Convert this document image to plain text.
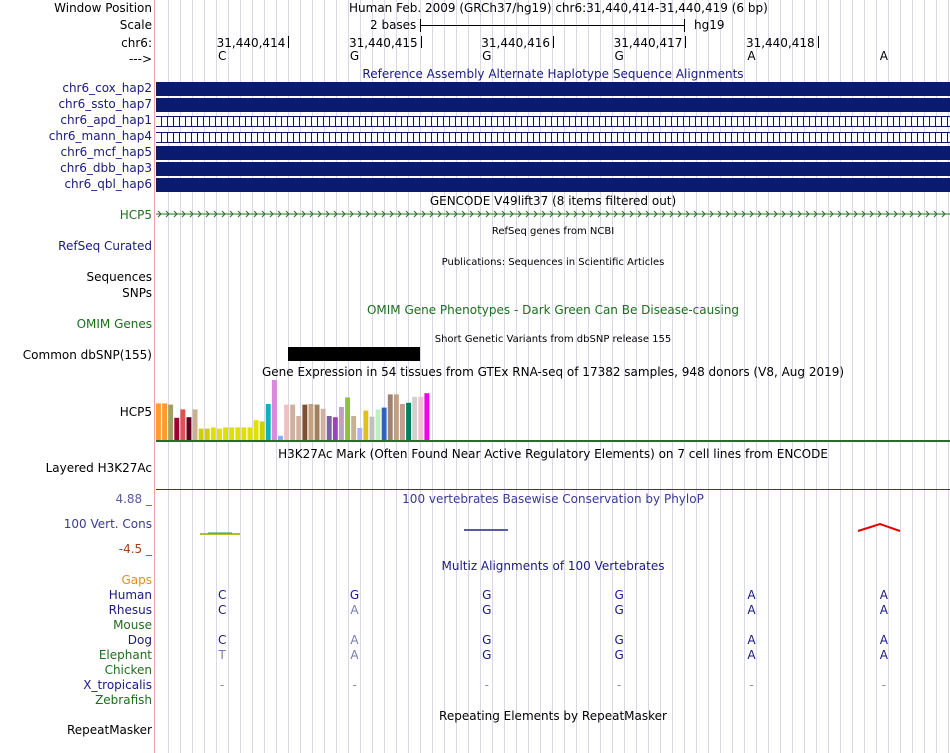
Window Position	Human Feb. 2009 (GRCh37/hg19) chr6:31,440,414-31,440,419 (6 bp)
Scale	2 bases	hg19
chr6:	31,440,414	31,440,415	31,440,416	31,440,417	31,440,418
--->	C	G	G	G	A	A
Reference Assembly Alternate Haplotype Sequence Alignments
chr6_cox_hap2
chr6_ssto_hap7
chr6_apd_hap1
chr6_mann_hap4
chr6_mcf_hap5
chr6_dbb_hap3
chr6_qbl_hap6
GENCODE V49lift37 (8 items filtered out)
HCP5
RefSeq Curated
RefSeq genes from NCBI
Publications: Sequences in Scientific Articles
Sequences
SNPs
OMIM Gene Phenotypes - Dark Green Can Be Disease-causing
OMIM Genes
Short Genetic Variants from dbSNP release 155
Common dbSNP(155)
Gene Expression in 54 tissues from GTEx RNA-seq of 17382 samples, 948 donors (V8, Aug 2019)
HCP5
H3K27Ac Mark (Often Found Near Active Regulatory Elements) on 7 cell lines from ENCODE
Layered H3K27Ac
4.88 _	100 vertebrates Basewise Conservation by PhyloP
100 Vert. Cons
-4.5 _
Multiz Alignments of 100 Vertebrates
Gaps
Human	C	G	G	G	A	A
Rhesus	C	A	G	G	A	A
Mouse
Dog	C	A	G	G	A	A
Elephant	T	A	G	G	A	A
Chicken
X_tropicalis	-	-	-	-	-	-
Zebrafish
Repeating Elements by RepeatMasker
RepeatMasker
